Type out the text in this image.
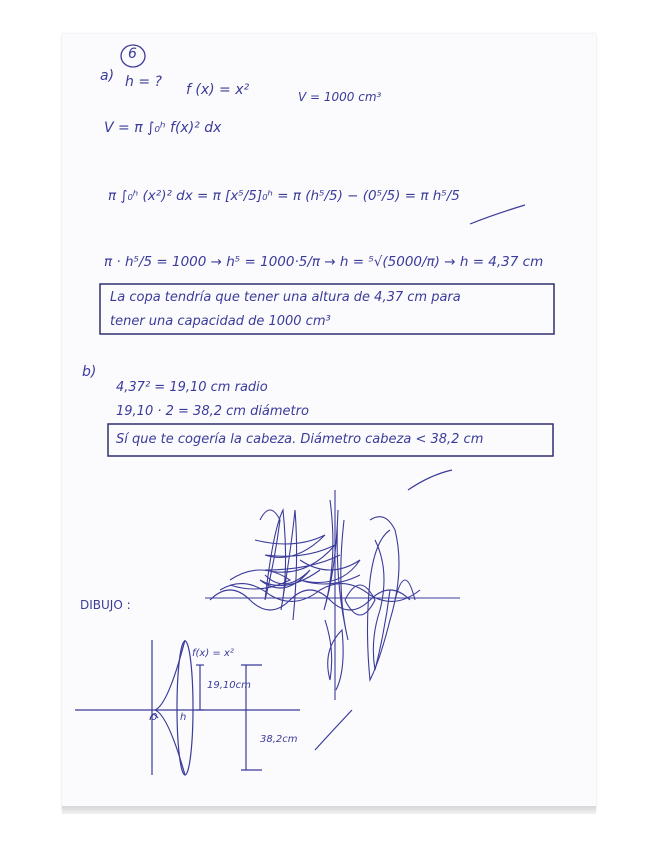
6
a) h = ? f (x) = x²	V = 1000 cm³
V = π ∫₀ʰ f(x)² dx
π ∫₀ʰ (x²)² dx = π [x⁵/5]₀ʰ = π (h⁵/5) − (0⁵/5) = π h⁵/5
π · h⁵/5 = 1000 → h⁵ = 1000·5/π → h = ⁵√(5000/π) → h = 4,37 cm
La copa tendría que tener una altura de 4,37 cm para
tener una capacidad de 1000 cm³
b)
4,37² = 19,10 cm radio
19,10 · 2 = 38,2 cm diámetro
Sí que te cogería la cabeza. Diámetro cabeza < 38,2 cm
DIBUJO :
f(x) = x²
19,10cm
38,2cm
0 h
